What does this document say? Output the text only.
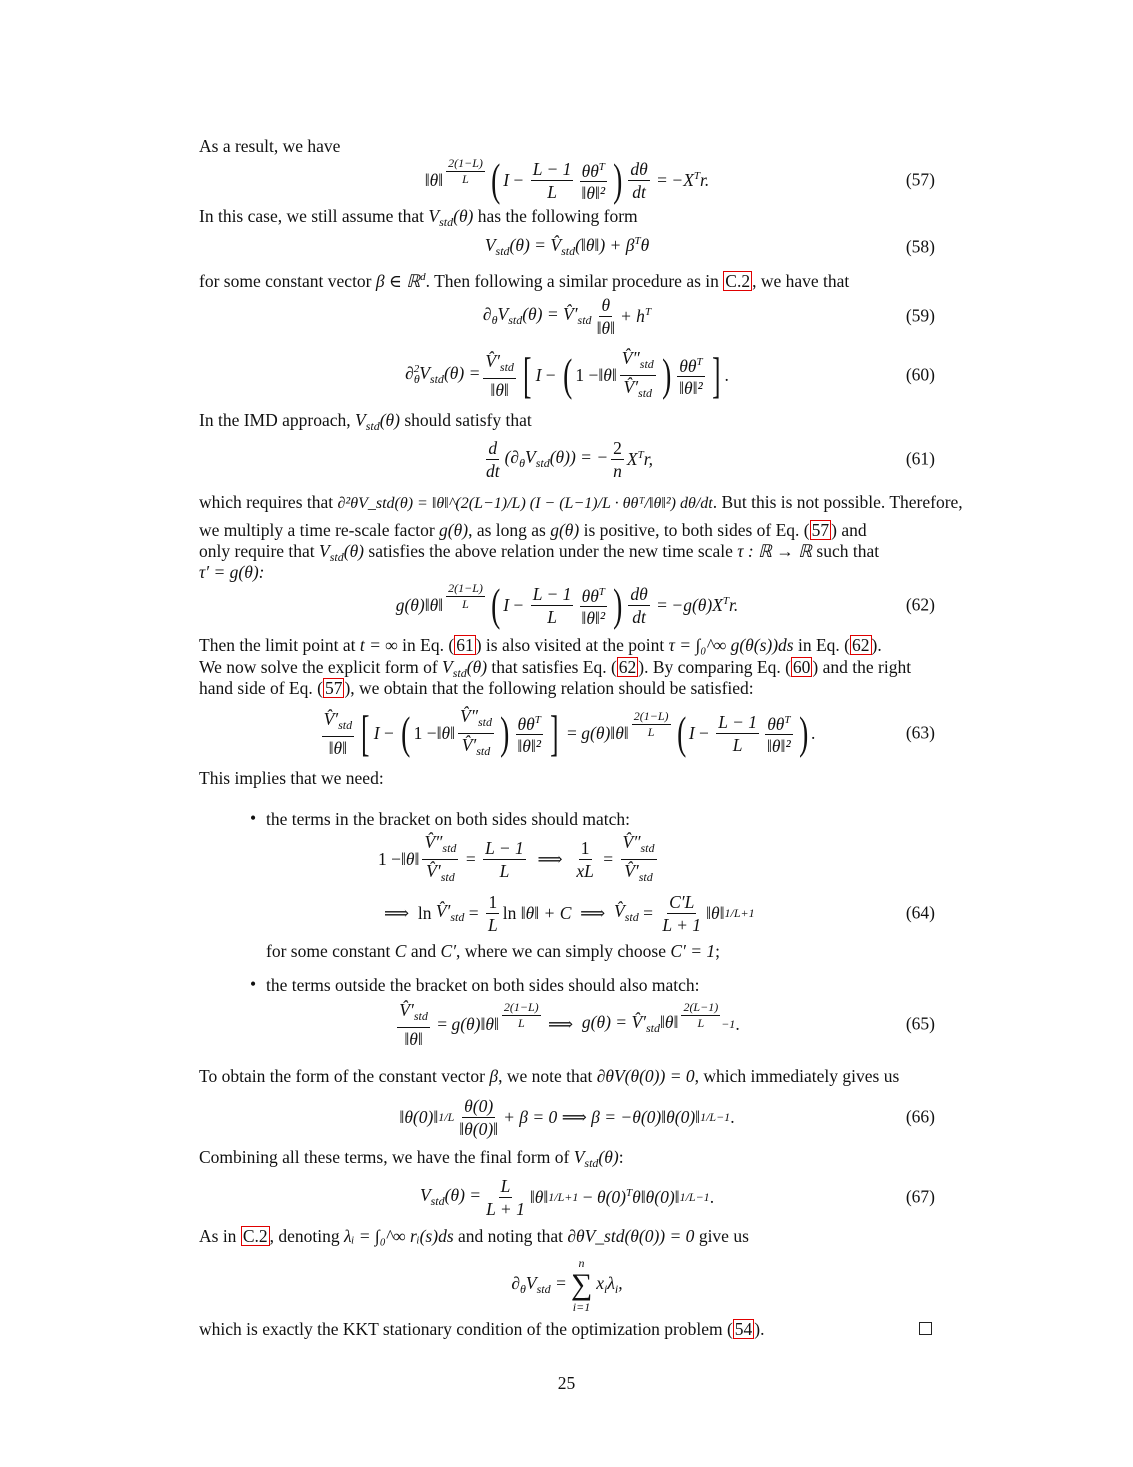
As a result, we have
‖θ‖ $\frac{2(1-L)}{L}$ ( $I - \frac{L - 1}{L} \frac{\theta\theta^T}{\text{‖θ‖²}}$ ) $\frac{d\theta}{dt} = -X^Tr$.	(57)
In this case, we still assume that $V_{std}(\theta)$ has the following form
$V_{std}(\theta)$ = $V̂_{std}(‖\theta‖) + \beta^T\theta$	(58)
for some constant vector β ∈ ℝ$^d$. Then following a similar procedure as in C.2 , we have that
$\partial_\theta V_{std}(\theta)$ = $V̂'_{std} \frac{\theta}{‖\theta‖} + h^T$	(59)
$\partial_\theta^2V_{std}(\theta) = \frac{V̂'_{std}}{‖\theta‖}$ [ I − ( 1 − ‖θ‖ $\frac{V̂''_{std}}{V̂'_{std}}$ ) $\frac{\theta\theta^T}{\text{‖θ‖²}}$ ] .	(60)
In the IMD approach, $V_{std}(\theta)$ should satisfy that
$\frac{d}{dt} (\partial_\theta V_{std}(\theta))$ = − $\frac{2}{n} X^Tr$,	(61)
which requires that ∂²θV_std(θ) = ‖θ‖^(2(L−1)/L) (I − (L−1)/L · θθᵀ/‖θ‖²) dθ/dt. But this is not possible. Therefore,
we multiply a time re-scale factor g(θ), as long as g(θ) is positive, to both sides of Eq. ( 57 ) and
only require that $V_{std}(\theta)$ satisfies the above relation under the new time scale τ : ℝ → ℝ such that
τ′ = g(θ):
g(θ)‖θ‖ $\frac{2(1-L)}{L}$ ( $I - \frac{L - 1}{L} \frac{\theta\theta^T}{\text{‖θ‖²}}$ ) $\frac{d\theta}{dt} = -g(\theta)X^Tr$.	(62)
Then the limit point at t = ∞ in Eq. ( 61 ) is also visited at the point τ = ∫₀^∞ g(θ(s))ds in Eq. ( 62 ).
We now solve the explicit form of $V_{std}(\theta)$ that satisfies Eq. ( 62 ). By comparing Eq. ( 60 ) and the right
hand side of Eq. ( 57 ), we obtain that the following relation should be satisfied:
$\frac{V̂'_{std}}{‖\theta‖}$ [ I − ( 1 − ‖θ‖ $\frac{V̂''_{std}}{V̂'_{std}}$ ) $\frac{\theta\theta^T}{\text{‖θ‖²}}$ ] = g(θ)‖θ‖ $\frac{2(1-L)}{L}$ ( $I - \frac{L - 1}{L} \frac{\theta\theta^T}{\text{‖θ‖²}}$ ) .	(63)
This implies that we need:
• the terms in the bracket on both sides should match:
1 − ‖θ‖ $\frac{V̂''_{std}}{V̂'_{std}} = \frac{L - 1}{L}$ ⟹ $\frac{1}{xL} = \frac{V̂''_{std}}{V̂'_{std}}$
⟹  $\ln V̂'_{std} = \frac{1}{L}$ ln ‖θ‖ + C ⟹ $V̂_{std} = \frac{C'L}{L + 1}$ ‖θ‖ 1/L+1	(64)
for some constant C and C′, where we can simply choose C′ = 1;
• the terms outside the bracket on both sides should also match:
$\frac{V̂'_{std}}{‖\theta‖}$ = g(θ)‖θ‖ $\frac{2(1-L)}{L}$ ⟹ $g(\theta) = V̂'_{std}‖\theta‖ \frac{2(L-1)}{L} -1$ .	(65)
To obtain the form of the constant vector β, we note that ∂θV(θ(0)) = 0, which immediately gives us
‖θ(0)‖ $1/L \frac{\theta(0)}{‖\theta(0)‖} + \beta = 0$ ⟹ β = −θ(0)‖θ(0)‖ 1/L−1 .	(66)
Combining all these terms, we have the final form of $V_{std}(\theta)$:
$V_{std}(\theta) = \frac{L}{L + 1}$ ‖θ‖ $1/L+1 - \theta(0)^T\theta‖\theta(0)‖$ 1/L−1 .	(67)
As in C.2 , denoting λᵢ = ∫₀^∞ rᵢ(s)ds and noting that ∂θV_std(θ(0)) = 0 give us
$\partial_\theta V_{std}$ =
n
∑
i=1
$x_i\lambda_i$,
which is exactly the KKT stationary condition of the optimization problem ( 54 ).
25
